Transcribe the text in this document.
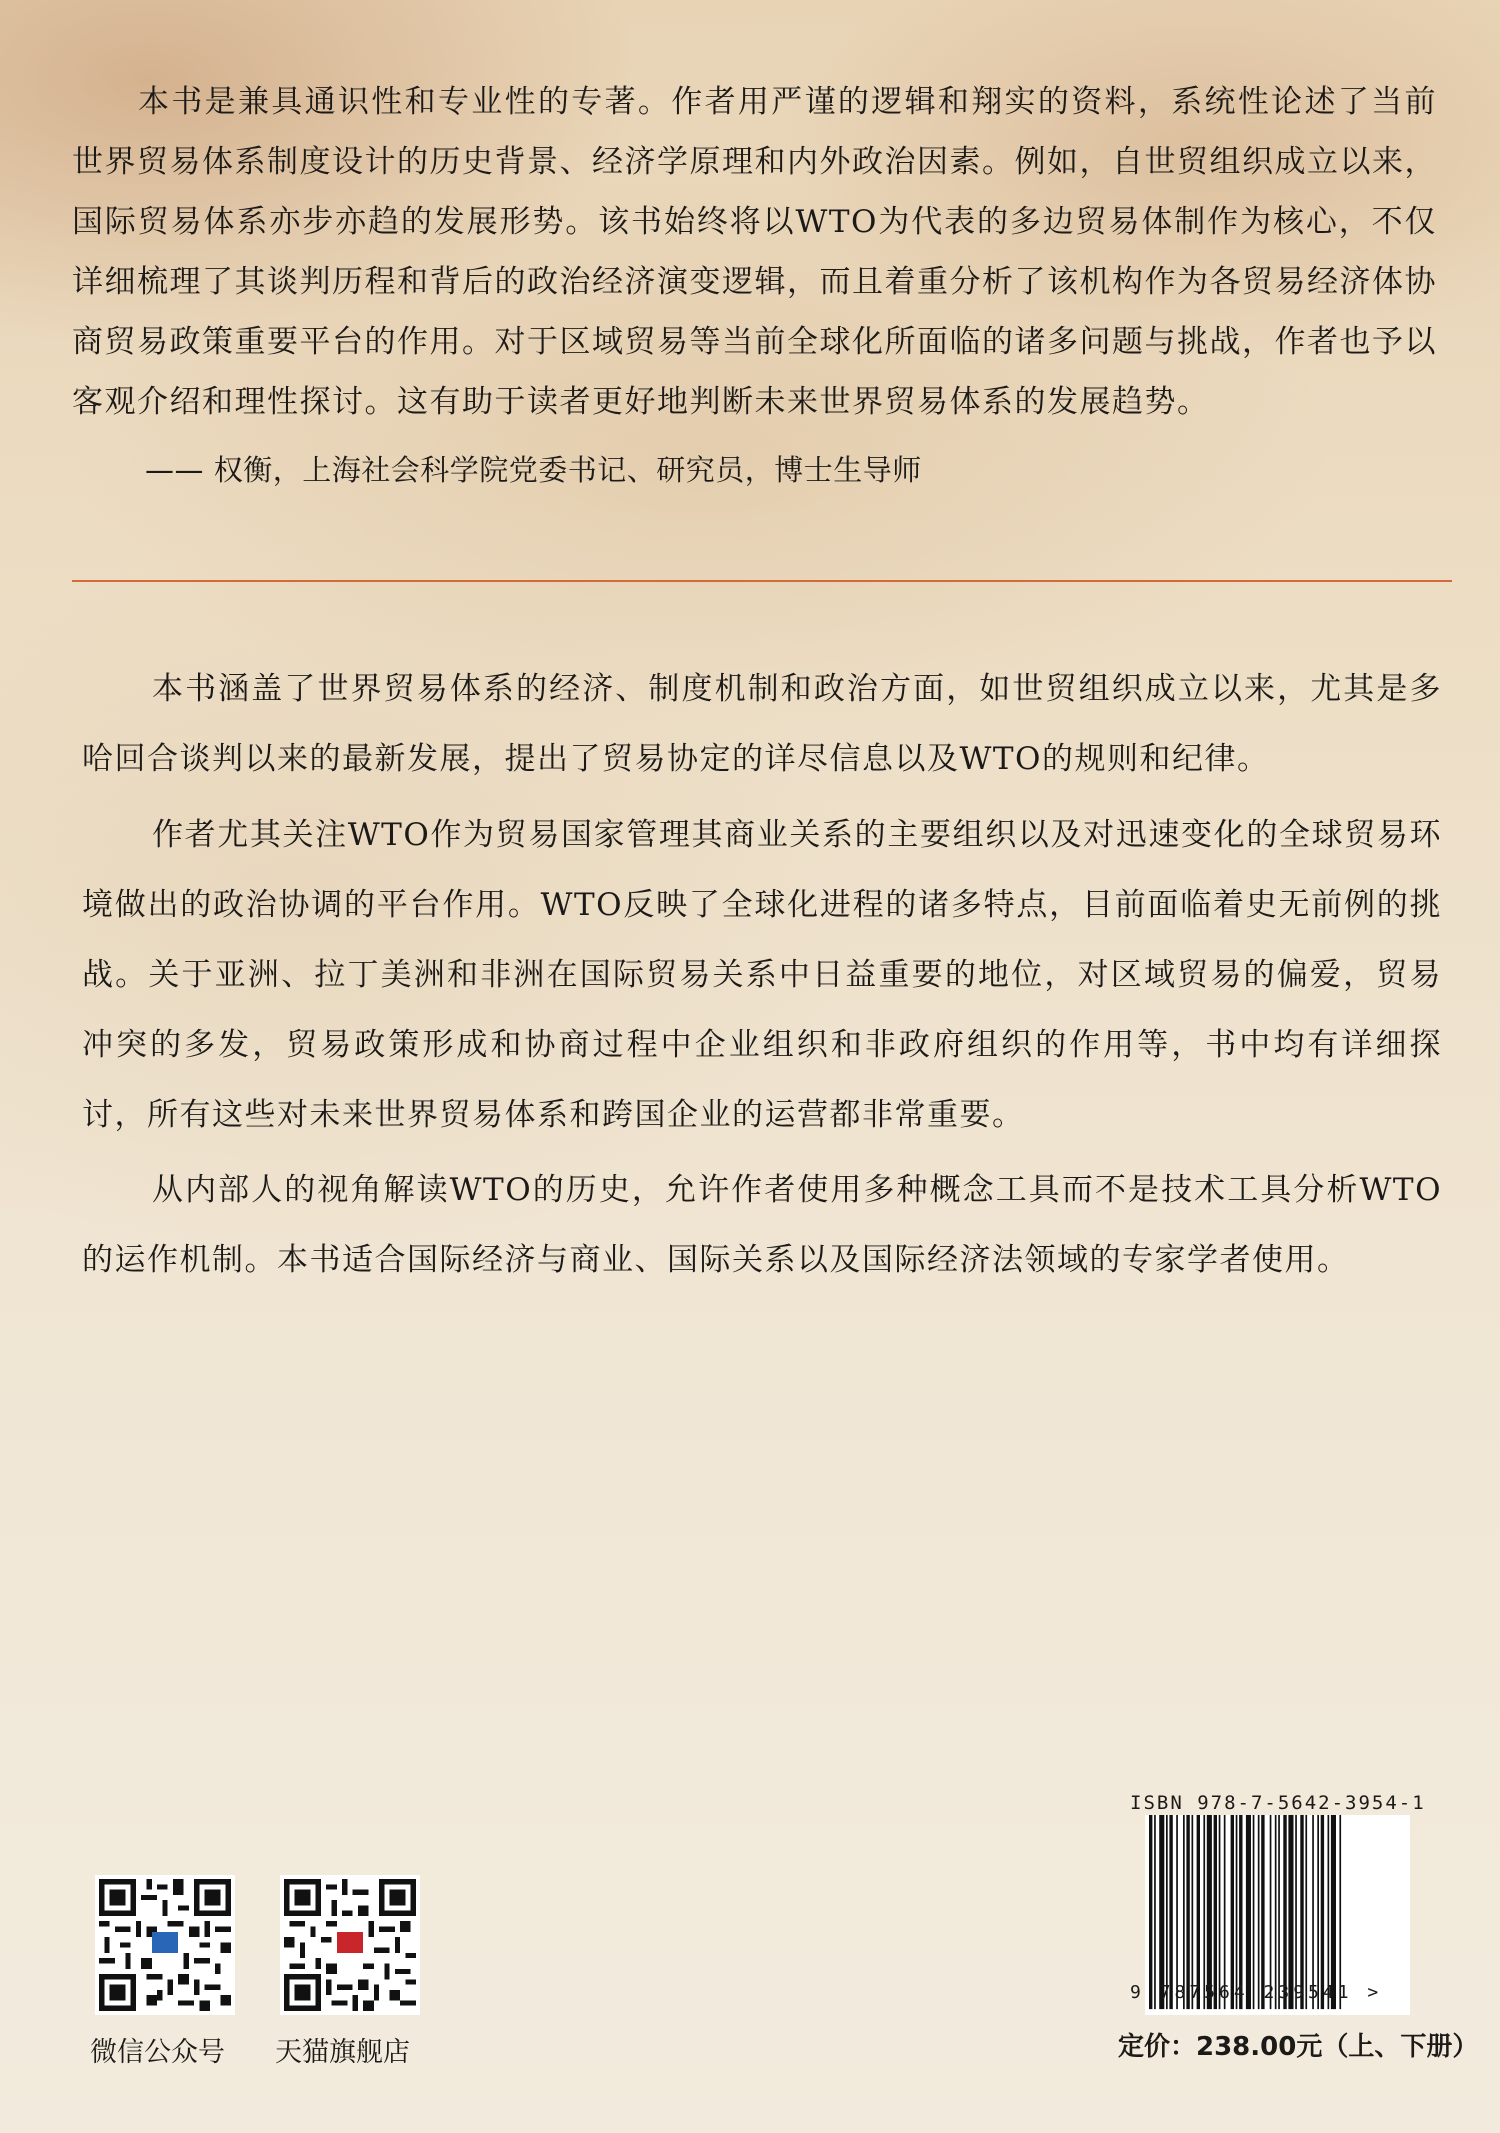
本书是兼具通识性和专业性的专著。作者用严谨的逻辑和翔实的资料，系统性论述了当前世界贸易体系制度设计的历史背景、经济学原理和内外政治因素。例如，自世贸组织成立以来，国际贸易体系亦步亦趋的发展形势。该书始终将以WTO为代表的多边贸易体制作为核心，不仅详细梳理了其谈判历程和背后的政治经济演变逻辑，而且着重分析了该机构作为各贸易经济体协商贸易政策重要平台的作用。对于区域贸易等当前全球化所面临的诸多问题与挑战，作者也予以客观介绍和理性探讨。这有助于读者更好地判断未来世界贸易体系的发展趋势。
—— 权衡，上海社会科学院党委书记、研究员，博士生导师
本书涵盖了世界贸易体系的经济、制度机制和政治方面，如世贸组织成立以来，尤其是多哈回合谈判以来的最新发展，提出了贸易协定的详尽信息以及WTO的规则和纪律。
作者尤其关注WTO作为贸易国家管理其商业关系的主要组织以及对迅速变化的全球贸易环境做出的政治协调的平台作用。WTO反映了全球化进程的诸多特点，目前面临着史无前例的挑战。关于亚洲、拉丁美洲和非洲在国际贸易关系中日益重要的地位，对区域贸易的偏爱，贸易冲突的多发，贸易政策形成和协商过程中企业组织和非政府组织的作用等，书中均有详细探讨，所有这些对未来世界贸易体系和跨国企业的运营都非常重要。
从内部人的视角解读WTO的历史，允许作者使用多种概念工具而不是技术工具分析WTO的运作机制。本书适合国际经济与商业、国际关系以及国际经济法领域的专家学者使用。
微信公众号 天猫旗舰店
ISBN 978-7-5642-3954-1
9 787564 239541 >
定价：238.00元（上、下册）
